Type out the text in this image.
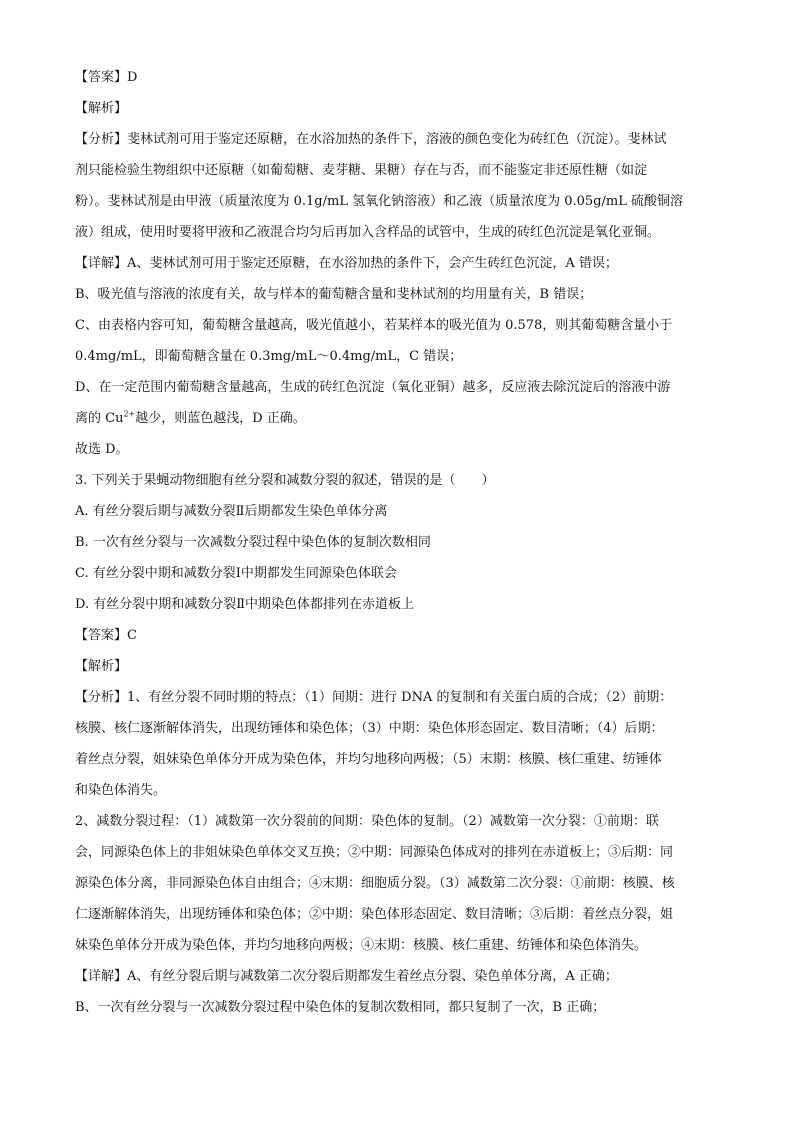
【答案】D
【解析】
【分析】斐林试剂可用于鉴定还原糖，在水浴加热的条件下，溶液的颜色变化为砖红色（沉淀）。斐林试
剂只能检验生物组织中还原糖（如葡萄糖、麦芽糖、果糖）存在与否，而不能鉴定非还原性糖（如淀
粉）。斐林试剂是由甲液（质量浓度为 0.1g/mL 氢氧化钠溶液）和乙液（质量浓度为 0.05g/mL 硫酸铜溶
液）组成，使用时要将甲液和乙液混合均匀后再加入含样品的试管中，生成的砖红色沉淀是氧化亚铜。
【详解】A、斐林试剂可用于鉴定还原糖，在水浴加热的条件下，会产生砖红色沉淀，A 错误；
B、吸光值与溶液的浓度有关，故与样本的葡萄糖含量和斐林试剂的均用量有关，B 错误；
C、由表格内容可知，葡萄糖含量越高，吸光值越小，若某样本的吸光值为 0.578，则其葡萄糖含量小于
0.4mg/mL，即葡萄糖含量在 0.3mg/mL～0.4mg/mL，C 错误；
D、在一定范围内葡萄糖含量越高，生成的砖红色沉淀（氧化亚铜）越多，反应液去除沉淀后的溶液中游
离的 $Cu^{2+}$越少，则蓝色越浅，D 正确。
故选 D。
3. 下列关于果蝇动物细胞有丝分裂和减数分裂的叙述，错误的是（　　）
A. 有丝分裂后期与减数分裂Ⅱ后期都发生染色单体分离
B. 一次有丝分裂与一次减数分裂过程中染色体的复制次数相同
C. 有丝分裂中期和减数分裂Ⅰ中期都发生同源染色体联会
D. 有丝分裂中期和减数分裂Ⅱ中期染色体都排列在赤道板上
【答案】C
【解析】
【分析】1、有丝分裂不同时期的特点：（1）间期：进行 DNA 的复制和有关蛋白质的合成；（2）前期：
核膜、核仁逐渐解体消失，出现纺锤体和染色体；（3）中期：染色体形态固定、数目清晰；（4）后期：
着丝点分裂，姐妹染色单体分开成为染色体，并均匀地移向两极；（5）末期：核膜、核仁重建、纺锤体
和染色体消失。
2、减数分裂过程：（1）减数第一次分裂前的间期：染色体的复制。（2）减数第一次分裂：①前期：联
会，同源染色体上的非姐妹染色单体交叉互换；②中期：同源染色体成对的排列在赤道板上；③后期：同
源染色体分离，非同源染色体自由组合；④末期：细胞质分裂。（3）减数第二次分裂：①前期：核膜、核
仁逐渐解体消失，出现纺锤体和染色体；②中期：染色体形态固定、数目清晰；③后期：着丝点分裂，姐
妹染色单体分开成为染色体，并均匀地移向两极；④末期：核膜、核仁重建、纺锤体和染色体消失。
【详解】A、有丝分裂后期与减数第二次分裂后期都发生着丝点分裂、染色单体分离，A 正确；
B、一次有丝分裂与一次减数分裂过程中染色体的复制次数相同，都只复制了一次，B 正确；
